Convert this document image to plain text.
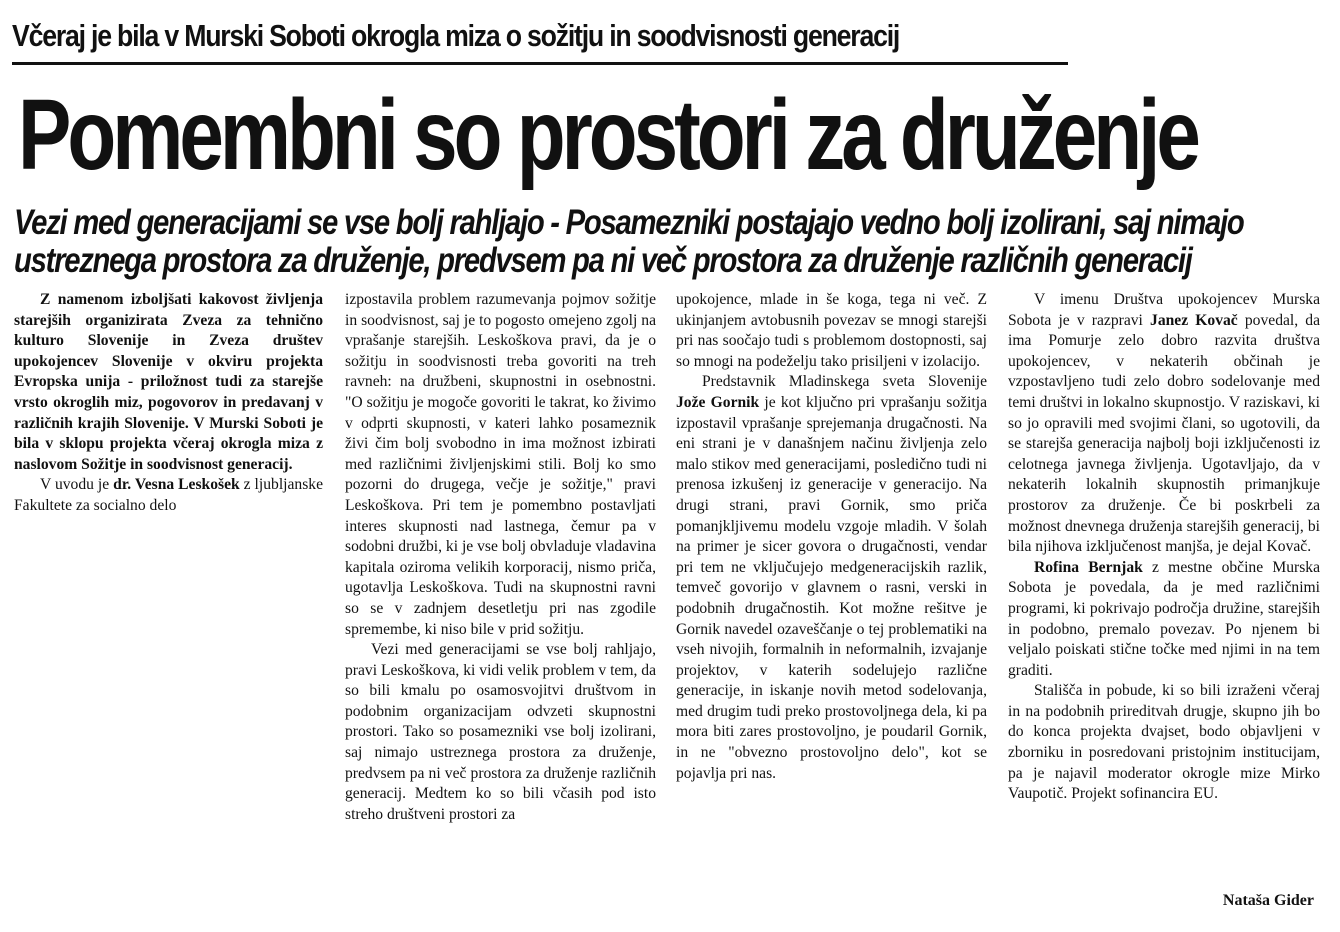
Včeraj je bila v Murski Soboti okrogla miza o sožitju in soodvisnosti generacij
Pomembni so prostori za druženje
Vezi med generacijami se vse bolj rahljajo - Posamezniki postajajo vedno bolj izolirani, saj nimajo
ustreznega prostora za druženje, predvsem pa ni več prostora za druženje različnih generacij

Z namenom izboljšati kakovost življenja starejših organizirata Zveza za tehnično kulturo Slovenije in Zveza društev upokojencev Slovenije v okviru projekta Evropska unija - priložnost tudi za starejše vrsto okroglih miz, pogovorov in predavanj v različnih krajih Slovenije. V Murski Soboti je bila v sklopu projekta včeraj okrogla miza z naslovom Sožitje in soodvisnost generacij.

V uvodu je dr. Vesna Leskošek z ljubljanske Fakultete za socialno delo

izpostavila problem razumevanja pojmov sožitje in soodvisnost, saj je to pogosto omejeno zgolj na vprašanje starejših. Leskoškova pravi, da je o sožitju in soodvisnosti treba govoriti na treh ravneh: na družbeni, skupnostni in osebnostni. "O sožitju je mogoče govoriti le takrat, ko živimo v odprti skupnosti, v kateri lahko posameznik živi čim bolj svobodno in ima možnost izbirati med različnimi življenjskimi stili. Bolj ko smo pozorni do drugega, večje je sožitje," pravi Leskoškova. Pri tem je pomembno postavljati interes skupnosti nad lastnega, čemur pa v sodobni družbi, ki je vse bolj obvladuje vladavina kapitala oziroma velikih korporacij, nismo priča, ugotavlja Leskoškova. Tudi na skupnostni ravni so se v zadnjem desetletju pri nas zgodile spremembe, ki niso bile v prid sožitju.

Vezi med generacijami se vse bolj rahljajo, pravi Leskoškova, ki vidi velik problem v tem, da so bili kmalu po osamosvojitvi društvom in podobnim organizacijam odvzeti skupnostni prostori. Tako so posamezniki vse bolj izolirani, saj nimajo ustreznega prostora za druženje, predvsem pa ni več prostora za druženje različnih generacij. Medtem ko so bili včasih pod isto streho društveni prostori za

upokojence, mlade in še koga, tega ni več. Z ukinjanjem avtobusnih povezav se mnogi starejši pri nas soočajo tudi s problemom dostopnosti, saj so mnogi na podeželju tako prisiljeni v izolacijo.

Predstavnik Mladinskega sveta Slovenije Jože Gornik je kot ključno pri vprašanju sožitja izpostavil vprašanje sprejemanja drugačnosti. Na eni strani je v današnjem načinu življenja zelo malo stikov med generacijami, posledično tudi ni prenosa izkušenj iz generacije v generacijo. Na drugi strani, pravi Gornik, smo priča pomanjkljivemu modelu vzgoje mladih. V šolah na primer je sicer govora o drugačnosti, vendar pri tem ne vključujejo medgeneracijskih razlik, temveč govorijo v glavnem o rasni, verski in podobnih drugačnostih. Kot možne rešitve je Gornik navedel ozaveščanje o tej problematiki na vseh nivojih, formalnih in neformalnih, izvajanje projektov, v katerih sodelujejo različne generacije, in iskanje novih metod sodelovanja, med drugim tudi preko prostovoljnega dela, ki pa mora biti zares prostovoljno, je poudaril Gornik, in ne "obvezno prostovoljno delo", kot se pojavlja pri nas.

V imenu Društva upokojencev Murska Sobota je v razpravi Janez Kovač povedal, da ima Pomurje zelo dobro razvita društva upokojencev, v nekaterih občinah je vzpostavljeno tudi zelo dobro sodelovanje med temi društvi in lokalno skupnostjo. V raziskavi, ki so jo opravili med svojimi člani, so ugotovili, da se starejša generacija najbolj boji izključenosti iz celotnega javnega življenja. Ugotavljajo, da v nekaterih lokalnih skupnostih primanjkuje prostorov za druženje. Če bi poskrbeli za možnost dnevnega druženja starejših generacij, bi bila njihova izključenost manjša, je dejal Kovač.

Rofina Bernjak z mestne občine Murska Sobota je povedala, da je med različnimi programi, ki pokrivajo področja družine, starejših in podobno, premalo povezav. Po njenem bi veljalo poiskati stične točke med njimi in na tem graditi.

Stališča in pobude, ki so bili izraženi včeraj in na podobnih prireditvah drugje, skupno jih bo do konca projekta dvajset, bodo objavljeni v zborniku in posredovani pristojnim institucijam, pa je najavil moderator okrogle mize Mirko Vaupotič. Projekt sofinancira EU.

Nataša Gider
